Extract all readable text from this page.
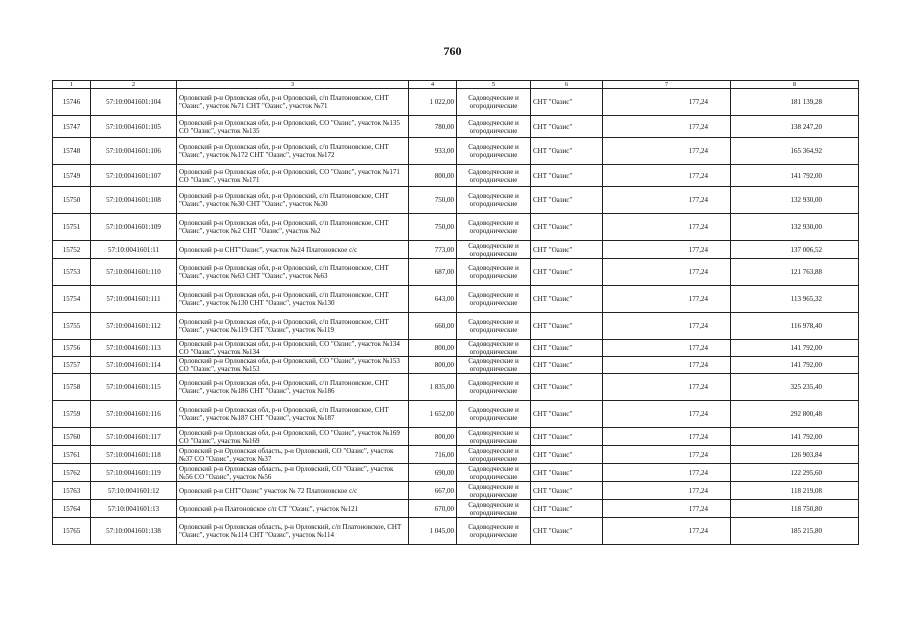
760
1	2	3	4	5	6	7	8
15746	57:10:0041601:104	Орловский р-н Орловская обл, р-н Орловский, с/п Платоновское, СНТ "Оазис", участок №71 СНТ "Оазис", участок №71	1 022,00	Садоводческие и огороднические	СНТ "Оазис"	177,24	181 139,28
15747	57:10:0041601:105	Орловский р-н Орловская обл, р-н Орловский, СО "Оазис", участок №135 СО "Оазис", участок №135	780,00	Садоводческие и огороднические	СНТ "Оазис"	177,24	138 247,20
15748	57:10:0041601:106	Орловский р-н Орловская обл, р-н Орловский, с/п Платоновское, СНТ "Оазис", участок №172 СНТ "Оазис", участок №172	933,00	Садоводческие и огороднические	СНТ "Оазис"	177,24	165 364,92
15749	57:10:0041601:107	Орловский р-н Орловская обл, р-н Орловский, СО "Оазис", участок №171 СО "Оазис", участок №171	800,00	Садоводческие и огороднические	СНТ "Оазис"	177,24	141 792,00
15750	57:10:0041601:108	Орловский р-н Орловская обл, р-н Орловский, с/п Платоновское, СНТ "Оазис", участок №30 СНТ "Оазис", участок №30	750,00	Садоводческие и огороднические	СНТ "Оазис"	177,24	132 930,00
15751	57:10:0041601:109	Орловский р-н Орловская обл, р-н Орловский, с/п Платоновское, СНТ "Оазис", участок №2 СНТ "Оазис", участок №2	750,00	Садоводческие и огороднические	СНТ "Оазис"	177,24	132 930,00
15752	57:10:0041601:11	Орловский р-н СНТ"Оазис", участок №24 Платоновское с/с	773,00	Садоводческие и огороднические	СНТ "Оазис"	177,24	137 006,52
15753	57:10:0041601:110	Орловский р-н Орловская обл, р-н Орловский, с/п Платоновское, СНТ "Оазис", участок №63 СНТ "Оазис", участок №63	687,00	Садоводческие и огороднические	СНТ "Оазис"	177,24	121 763,88
15754	57:10:0041601:111	Орловский р-н Орловская обл, р-н Орловский, с/п Платоновское, СНТ "Оазис", участок №130 СНТ "Оазис", участок №130	643,00	Садоводческие и огороднические	СНТ "Оазис"	177,24	113 965,32
15755	57:10:0041601:112	Орловский р-н Орловская обл, р-н Орловский, с/п Платоновское, СНТ "Оазис", участок №119 СНТ "Оазис", участок №119	660,00	Садоводческие и огороднические	СНТ "Оазис"	177,24	116 978,40
15756	57:10:0041601:113	Орловский р-н Орловская обл, р-н Орловский, СО "Оазис", участок №134 СО "Оазис", участок №134	800,00	Садоводческие и огороднические	СНТ "Оазис"	177,24	141 792,00
15757	57:10:0041601:114	Орловский р-н Орловская обл, р-н Орловский, СО "Оазис", участок №153 СО "Оазис", участок №153	800,00	Садоводческие и огороднические	СНТ "Оазис"	177,24	141 792,00
15758	57:10:0041601:115	Орловский р-н Орловская обл, р-н Орловский, с/п Платоновское, СНТ "Оазис", участок №186 СНТ "Оазис", участок №186	1 835,00	Садоводческие и огороднические	СНТ "Оазис"	177,24	325 235,40
15759	57:10:0041601:116	Орловский р-н Орловская обл, р-н Орловский, с/п Платоновское, СНТ "Оазис", участок №187 СНТ "Оазис", участок №187	1 652,00	Садоводческие и огороднические	СНТ "Оазис"	177,24	292 800,48
15760	57:10:0041601:117	Орловский р-н Орловская обл, р-н Орловский, СО "Оазис", участок №169 СО "Оазис", участок №169	800,00	Садоводческие и огороднические	СНТ "Оазис"	177,24	141 792,00
15761	57:10:0041601:118	Орловский р-н Орловская область, р-н Орловский, СО "Оазис", участок №37 СО "Оазис", участок №37	716,00	Садоводческие и огороднические	СНТ "Оазис"	177,24	126 903,84
15762	57:10:0041601:119	Орловский р-н Орловская область, р-н Орловский, СО "Оазис", участок №56 СО "Оазис", участок №56	690,00	Садоводческие и огороднические	СНТ "Оазис"	177,24	122 295,60
15763	57:10:0041601:12	Орловский р-н СНТ"Оазис" участок № 72 Платоновское с/с	667,00	Садоводческие и огороднические	СНТ "Оазис"	177,24	118 219,08
15764	57:10:0041601:13	Орловский р-н Платоновское с/п СТ "Оазис", участок №121	670,00	Садоводческие и огороднические	СНТ "Оазис"	177,24	118 750,80
15765	57:10:0041601:138	Орловский р-н Орловская область, р-н Орловский, с/п Платоновское, СНТ "Оазис", участок №114 СНТ "Оазис", участок №114	1 045,00	Садоводческие и огороднические	СНТ "Оазис"	177,24	185 215,80
